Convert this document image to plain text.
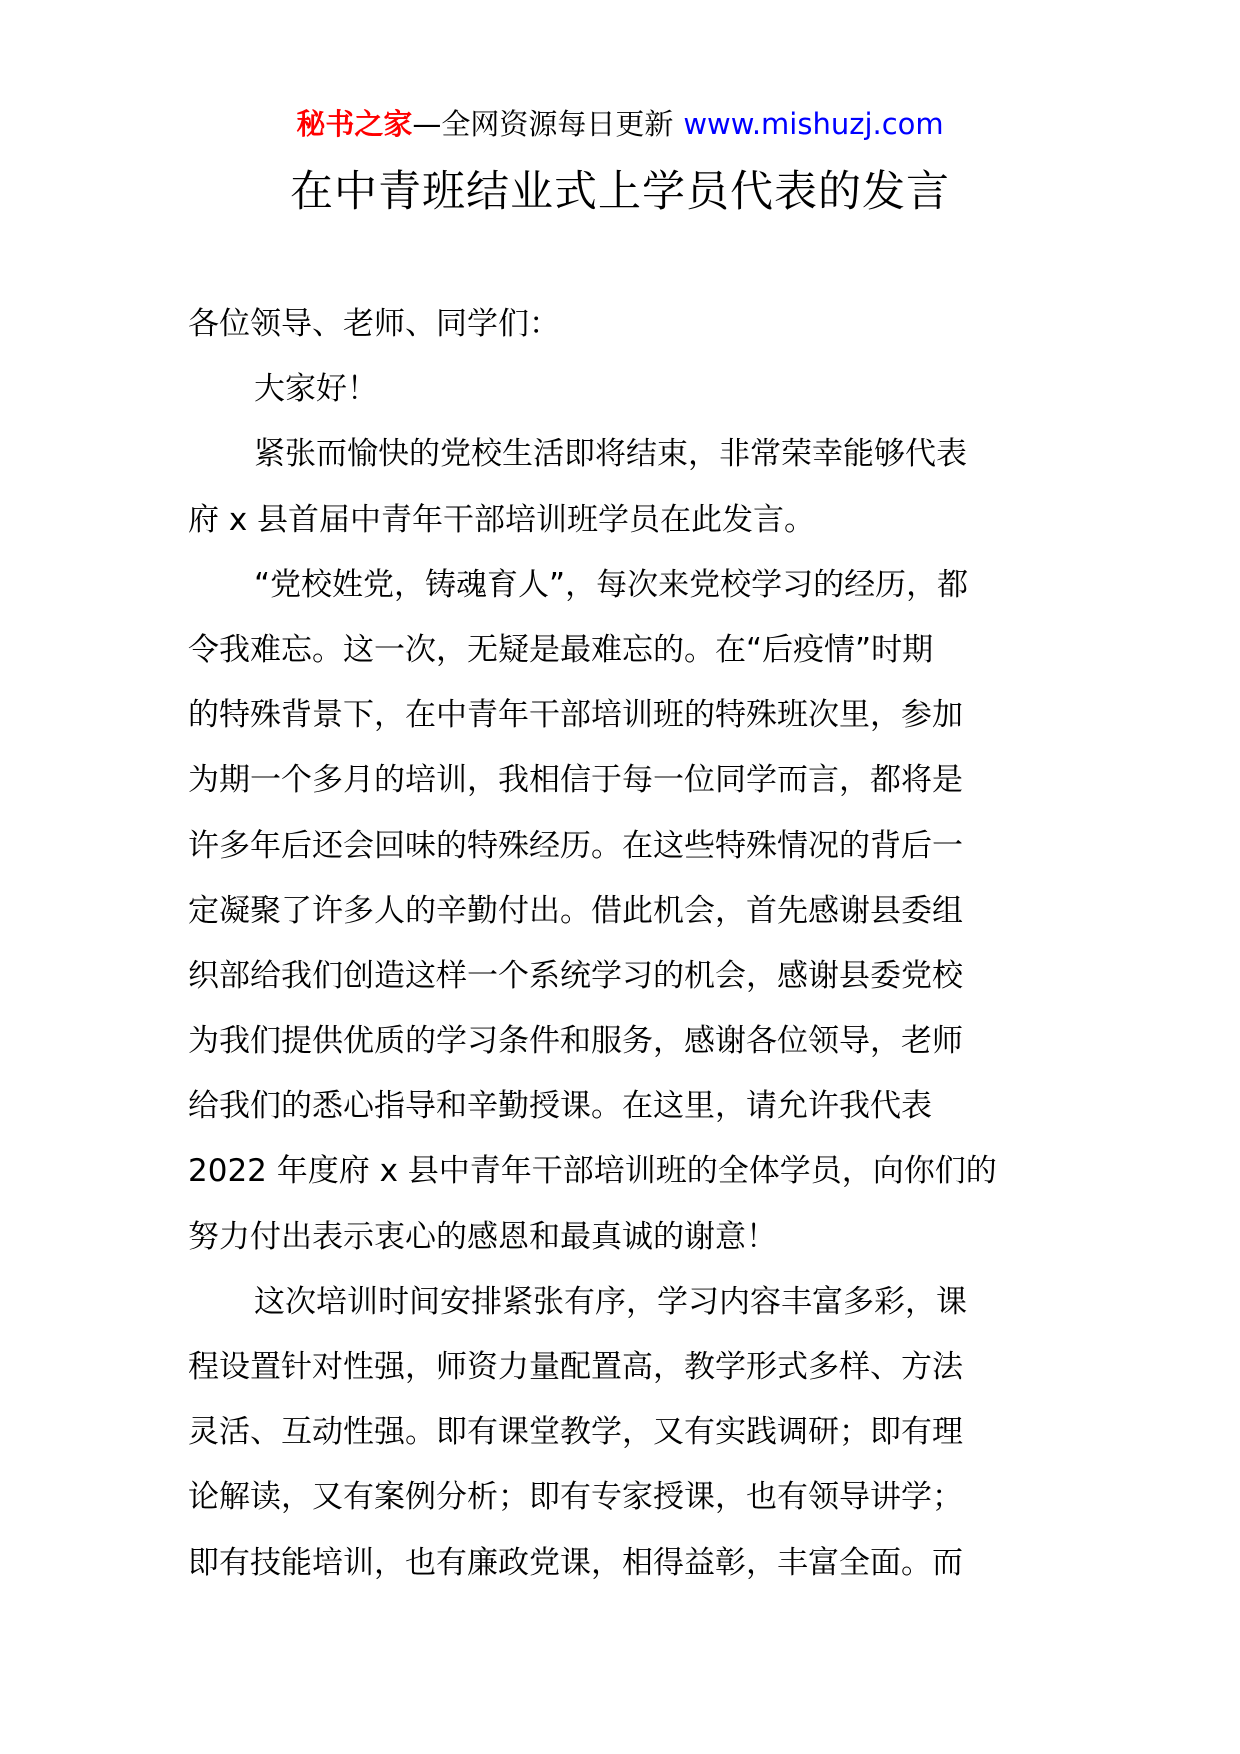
秘书之家—全网资源每日更新 www.mishuzj.com
在中青班结业式上学员代表的发言
各位领导、老师、同学们：
大家好！
紧张而愉快的党校生活即将结束，非常荣幸能够代表
府 x 县首届中青年干部培训班学员在此发言。
“党校姓党，铸魂育人”，每次来党校学习的经历，都
令我难忘。这一次，无疑是最难忘的。在“后疫情”时期
的特殊背景下，在中青年干部培训班的特殊班次里，参加
为期一个多月的培训，我相信于每一位同学而言，都将是
许多年后还会回味的特殊经历。在这些特殊情况的背后一
定凝聚了许多人的辛勤付出。借此机会，首先感谢县委组
织部给我们创造这样一个系统学习的机会，感谢县委党校
为我们提供优质的学习条件和服务，感谢各位领导，老师
给我们的悉心指导和辛勤授课。在这里，请允许我代表
2022 年度府 x 县中青年干部培训班的全体学员，向你们的
努力付出表示衷心的感恩和最真诚的谢意！
这次培训时间安排紧张有序，学习内容丰富多彩，课
程设置针对性强，师资力量配置高，教学形式多样、方法
灵活、互动性强。即有课堂教学，又有实践调研；即有理
论解读，又有案例分析；即有专家授课，也有领导讲学；
即有技能培训，也有廉政党课，相得益彰，丰富全面。而
